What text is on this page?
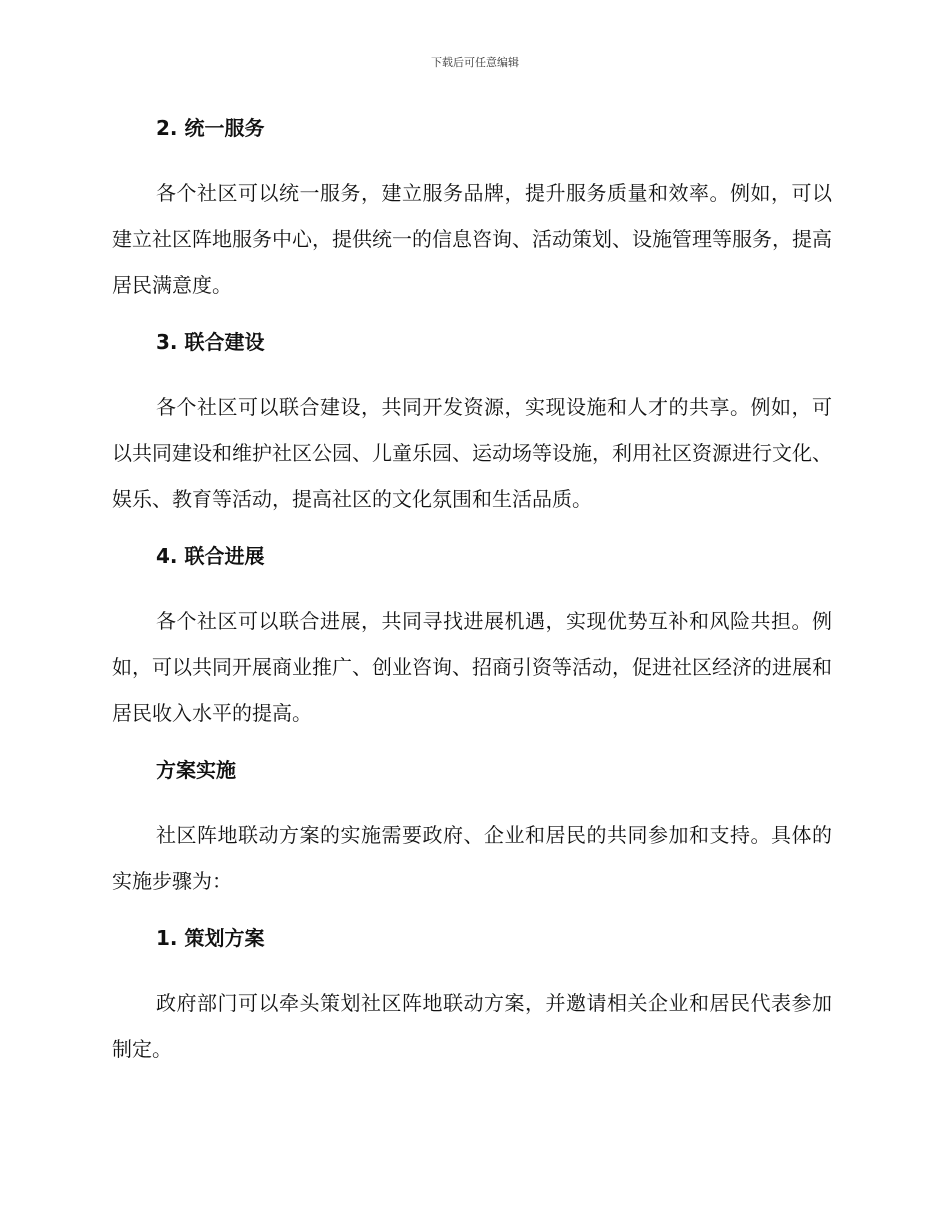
下载后可任意编辑
2. 统一服务

各个社区可以统一服务，建立服务品牌，提升服务质量和效率。例如，可以建立社区阵地服务中心，提供统一的信息咨询、活动策划、设施管理等服务，提高居民满意度。

3. 联合建设

各个社区可以联合建设，共同开发资源，实现设施和人才的共享。例如，可以共同建设和维护社区公园、儿童乐园、运动场等设施，利用社区资源进行文化、娱乐、教育等活动，提高社区的文化氛围和生活品质。

4. 联合进展

各个社区可以联合进展，共同寻找进展机遇，实现优势互补和风险共担。例如，可以共同开展商业推广、创业咨询、招商引资等活动，促进社区经济的进展和居民收入水平的提高。

方案实施

社区阵地联动方案的实施需要政府、企业和居民的共同参加和支持。具体的实施步骤为：

1. 策划方案

政府部门可以牵头策划社区阵地联动方案，并邀请相关企业和居民代表参加制定。
